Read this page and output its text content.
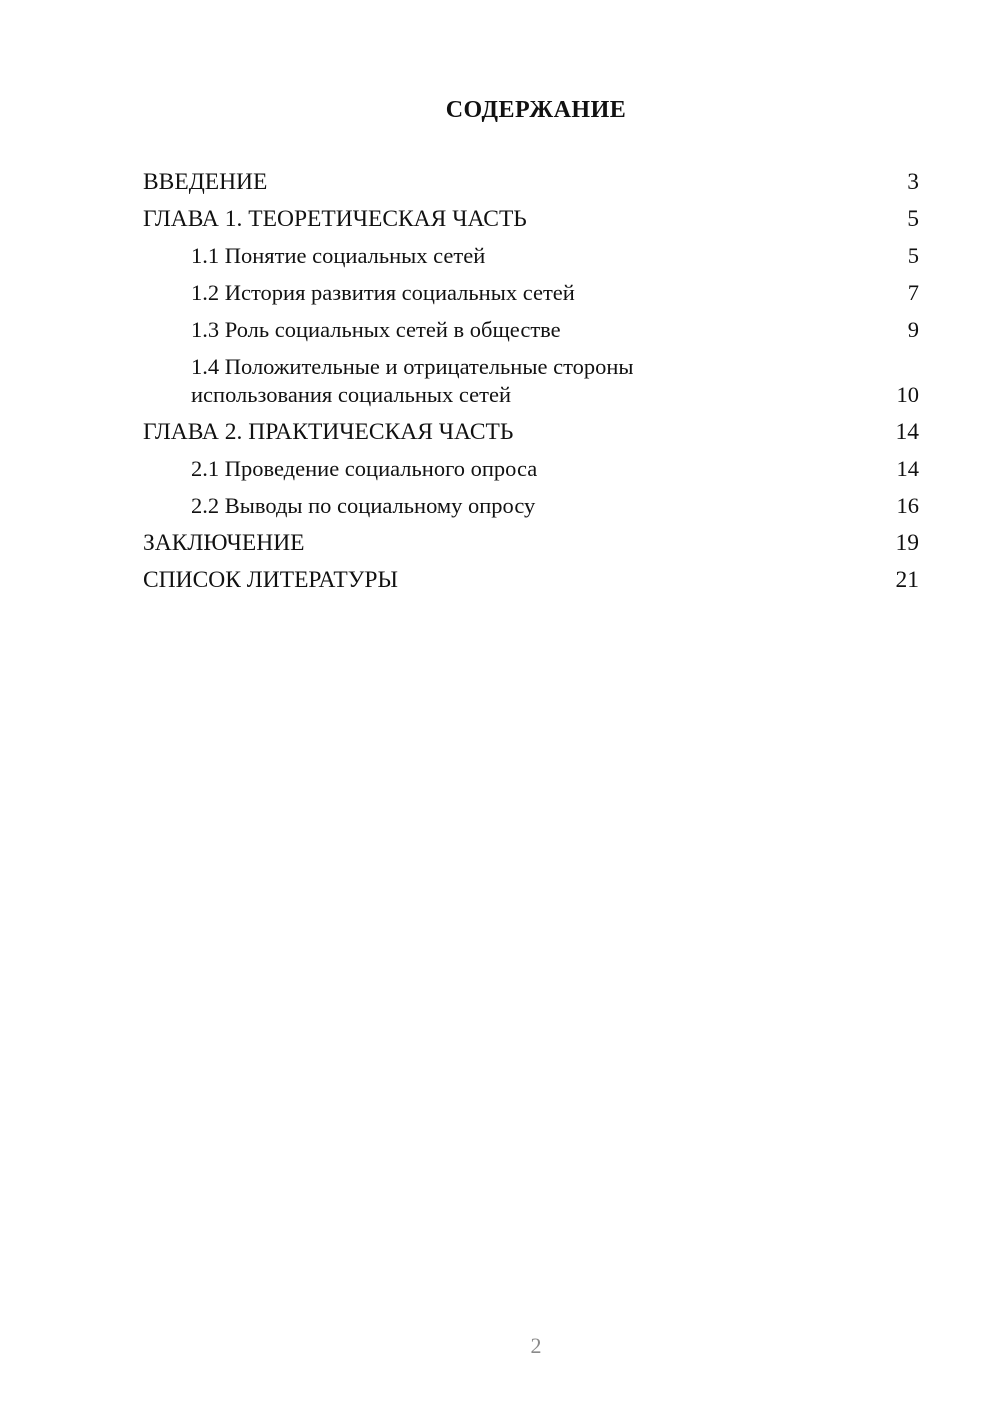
СОДЕРЖАНИЕ
ВВЕДЕНИЕ	3
ГЛАВА 1. ТЕОРЕТИЧЕСКАЯ ЧАСТЬ	5
1.1 Понятие социальных сетей	5
1.2 История развития социальных сетей	7
1.3 Роль социальных сетей в обществе	9
1.4 Положительные и отрицательные стороны использования социальных сетей	10
ГЛАВА 2. ПРАКТИЧЕСКАЯ ЧАСТЬ	14
2.1 Проведение социального опроса	14
2.2 Выводы по социальному опросу	16
ЗАКЛЮЧЕНИЕ	19
СПИСОК ЛИТЕРАТУРЫ	21
2
